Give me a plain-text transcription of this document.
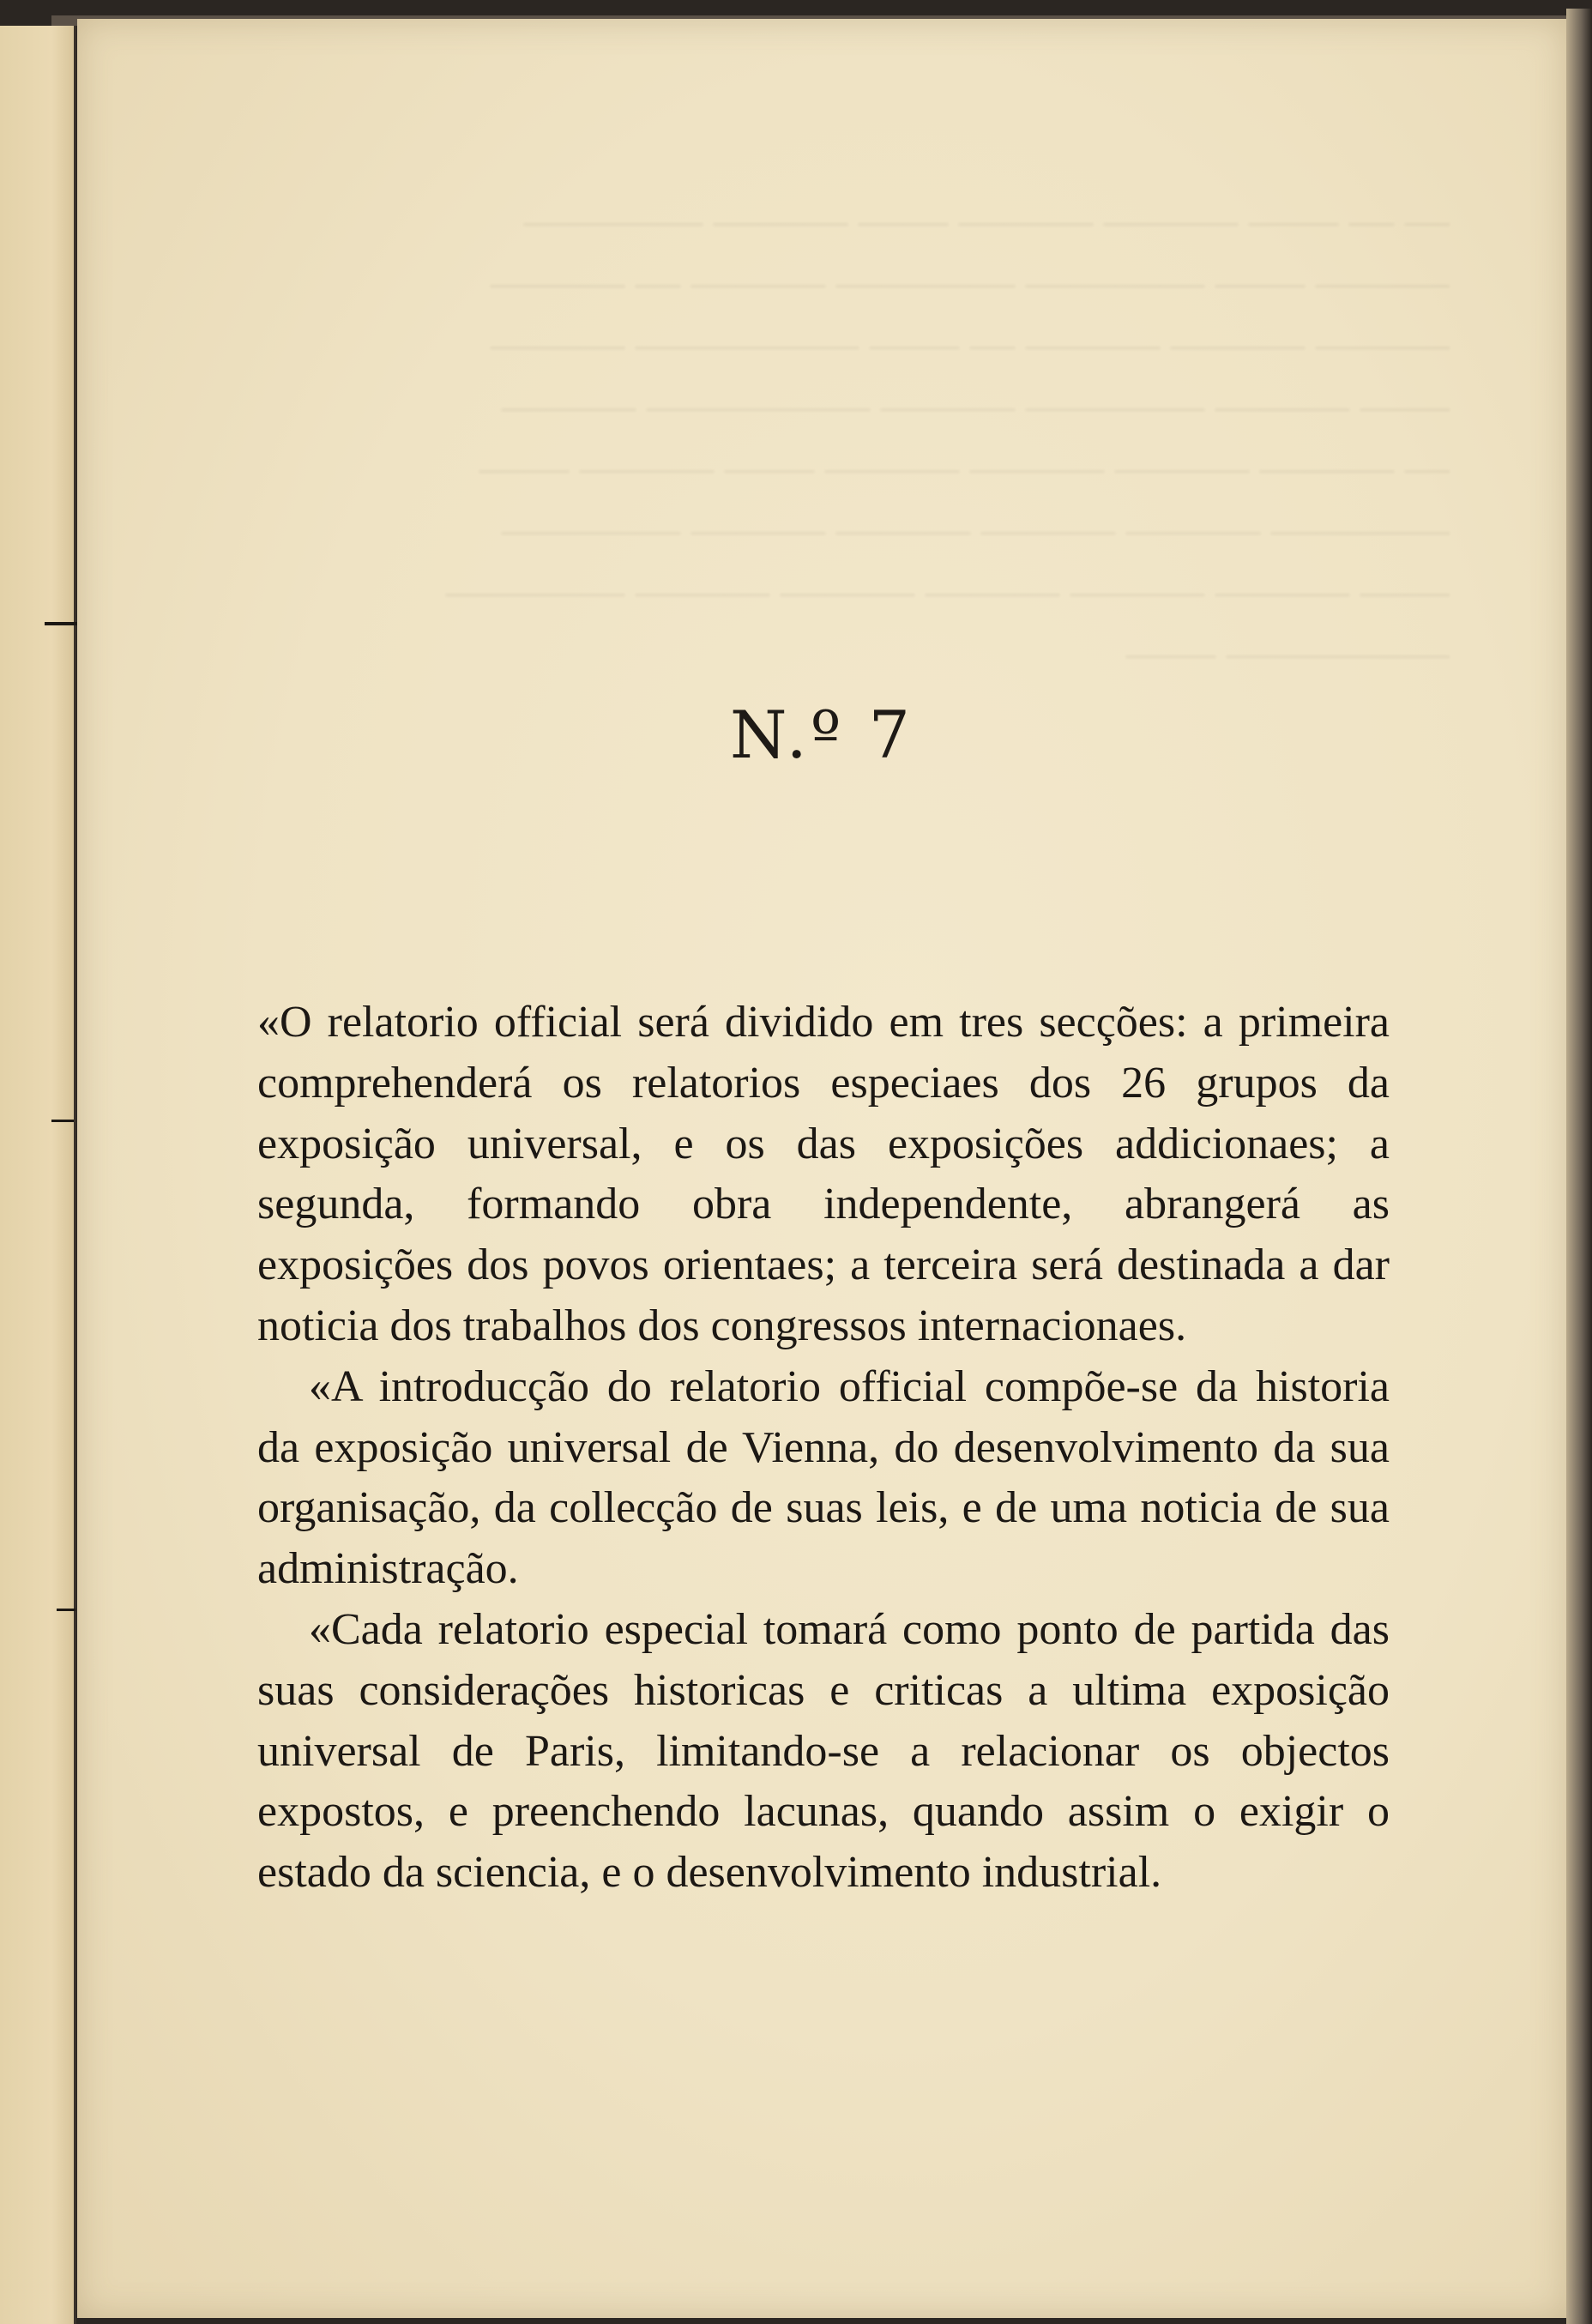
— — —— ——— ——— —— ——— ————
——— —— ———— ———— ——— — ———
——— ——— ——— — —— ————— ———
—— ——— ———— ——— ————— ———
— ——— ——— ——— ——— —— ——— ——
———— ——— ——— ——— ——— ————
—— ——— ——— ——— ——— ——— ————
————— ——
N.º 7

«O relatorio official será dividido em tres secções: a primeira comprehenderá os relatorios especiaes dos 26 grupos da exposição universal, e os das exposições addicionaes; a segunda, formando obra independente, abrangerá as exposições dos povos orientaes; a terceira será destinada a dar noticia dos trabalhos dos congressos internacionaes.

«A introducção do relatorio official compõe-se da historia da exposição universal de Vienna, do desenvolvimento da sua organisação, da collecção de suas leis, e de uma noticia de sua administração.

«Cada relatorio especial tomará como ponto de partida das suas considerações historicas e criticas a ultima exposição universal de Paris, limitando-se a relacionar os objectos expostos, e preenchendo lacunas, quando assim o exigir o estado da sciencia, e o desenvolvimento industrial.
